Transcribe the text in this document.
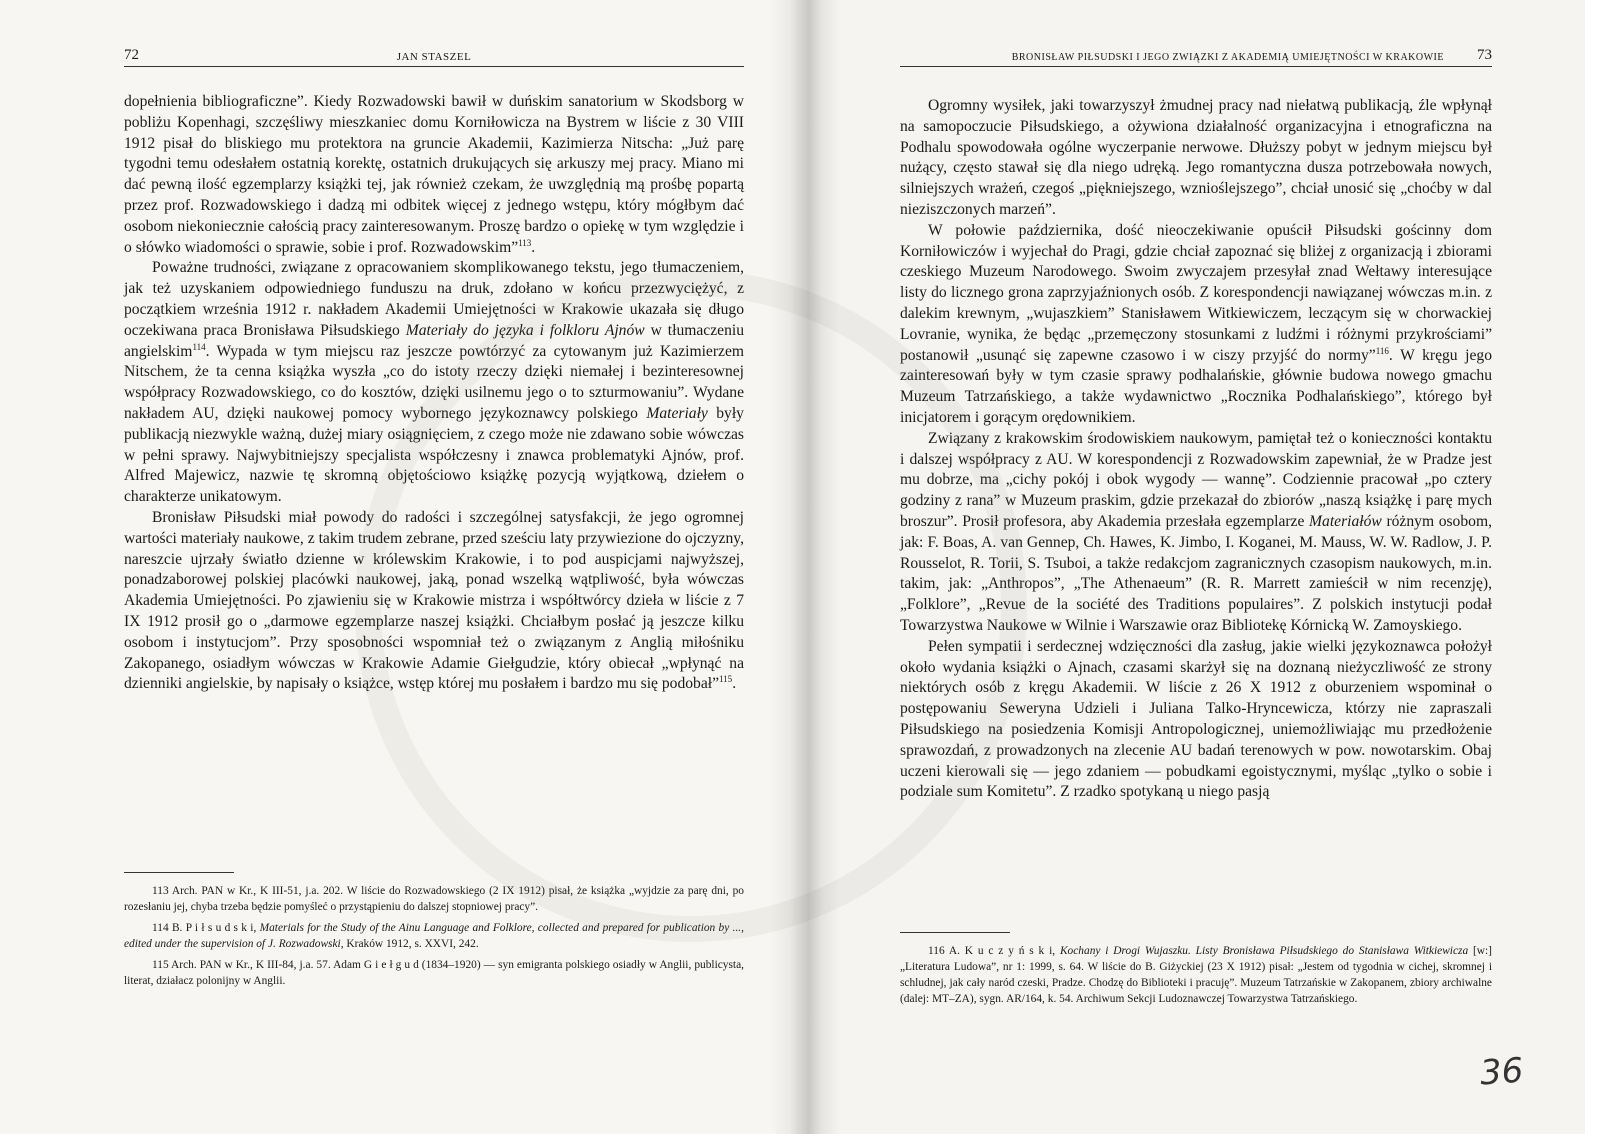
72	JAN STASZEL

dopełnienia bibliograficzne”. Kiedy Rozwadowski bawił w duńskim sanatorium w Skodsborg w pobliżu Kopenhagi, szczęśliwy mieszkaniec domu Korniłowicza na Bystrem w liście z 30 VIII 1912 pisał do bliskiego mu protektora na gruncie Akademii, Kazimierza Nitscha: „Już parę tygodni temu odesłałem ostatnią korektę, ostatnich drukujących się arkuszy mej pracy. Miano mi dać pewną ilość egzemplarzy książki tej, jak również czekam, że uwzględnią mą prośbę popartą przez prof. Rozwadowskiego i dadzą mi odbitek więcej z jednego wstępu, który mógłbym dać osobom niekoniecznie całością pracy zainteresowanym. Proszę bardzo o opiekę w tym względzie i o słówko wiadomości o sprawie, sobie i prof. Rozwadowskim”$^{113}$.

Poważne trudności, związane z opracowaniem skomplikowanego tekstu, jego tłumaczeniem, jak też uzyskaniem odpowiedniego funduszu na druk, zdołano w końcu przezwyciężyć, z początkiem września 1912 r. nakładem Akademii Umiejętności w Krakowie ukazała się długo oczekiwana praca Bronisława Piłsudskiego Materiały do języka i folkloru Ajnów w tłumaczeniu angielskim$^{114}$. Wypada w tym miejscu raz jeszcze powtórzyć za cytowanym już Kazimierzem Nitschem, że ta cenna książka wyszła „co do istoty rzeczy dzięki niemałej i bezinteresownej współpracy Rozwadowskiego, co do kosztów, dzięki usilnemu jego o to szturmowaniu”. Wydane nakładem AU, dzięki naukowej pomocy wybornego językoznawcy polskiego Materiały były publikacją niezwykle ważną, dużej miary osiągnięciem, z czego może nie zdawano sobie wówczas w pełni sprawy. Najwybitniejszy specjalista współczesny i znawca problematyki Ajnów, prof. Alfred Majewicz, nazwie tę skromną objętościowo książkę pozycją wyjątkową, dziełem o charakterze unikatowym.

Bronisław Piłsudski miał powody do radości i szczególnej satysfakcji, że jego ogromnej wartości materiały naukowe, z takim trudem zebrane, przed sześciu laty przywiezione do ojczyzny, nareszcie ujrzały światło dzienne w królewskim Krakowie, i to pod auspicjami najwyższej, ponadzaborowej polskiej placówki naukowej, jaką, ponad wszelką wątpliwość, była wówczas Akademia Umiejętności. Po zjawieniu się w Krakowie mistrza i współtwórcy dzieła w liście z 7 IX 1912 prosił go o „darmowe egzemplarze naszej książki. Chciałbym posłać ją jeszcze kilku osobom i instytucjom”. Przy sposobności wspomniał też o związanym z Anglią miłośniku Zakopanego, osiadłym wówczas w Krakowie Adamie Giełgudzie, który obiecał „wpłynąć na dzienniki angielskie, by napisały o książce, wstęp której mu posłałem i bardzo mu się podobał”$^{115}$.

113 Arch. PAN w Kr., K III-51, j.a. 202. W liście do Rozwadowskiego (2 IX 1912) pisał, że książka „wyjdzie za parę dni, po rozesłaniu jej, chyba trzeba będzie pomyśleć o przystąpieniu do dalszej stopniowej pracy”.

114 B. P i ł s u d s k i, Materials for the Study of the Ainu Language and Folklore, collected and prepared for publication by ..., edited under the supervision of J. Rozwadowski, Kraków 1912, s. XXVI, 242.

115 Arch. PAN w Kr., K III-84, j.a. 57. Adam G i e ł g u d (1834–1920) — syn emigranta polskiego osiadły w Anglii, publicysta, literat, działacz polonijny w Anglii.

BRONISŁAW PIŁSUDSKI I JEGO ZWIĄZKI Z AKADEMIĄ UMIEJĘTNOŚCI W KRAKOWIE 73

Ogromny wysiłek, jaki towarzyszył żmudnej pracy nad niełatwą publikacją, źle wpłynął na samopoczucie Piłsudskiego, a ożywiona działalność organizacyjna i etnograficzna na Podhalu spowodowała ogólne wyczerpanie nerwowe. Dłuższy pobyt w jednym miejscu był nużący, często stawał się dla niego udręką. Jego romantyczna dusza potrzebowała nowych, silniejszych wrażeń, czegoś „piękniejszego, wznioślejszego”, chciał unosić się „choćby w dal nieziszczonych marzeń”.

W połowie października, dość nieoczekiwanie opuścił Piłsudski gościnny dom Korniłowiczów i wyjechał do Pragi, gdzie chciał zapoznać się bliżej z organizacją i zbiorami czeskiego Muzeum Narodowego. Swoim zwyczajem przesyłał znad Wełtawy interesujące listy do licznego grona zaprzyjaźnionych osób. Z korespondencji nawiązanej wówczas m.in. z dalekim krewnym, „wujaszkiem” Stanisławem Witkiewiczem, leczącym się w chorwackiej Lovranie, wynika, że będąc „przemęczony stosunkami z ludźmi i różnymi przykrościami” postanowił „usunąć się zapewne czasowo i w ciszy przyjść do normy”$^{116}$. W kręgu jego zainteresowań były w tym czasie sprawy podhalańskie, głównie budowa nowego gmachu Muzeum Tatrzańskiego, a także wydawnictwo „Rocznika Podhalańskiego”, którego był inicjatorem i gorącym orędownikiem.

Związany z krakowskim środowiskiem naukowym, pamiętał też o konieczności kontaktu i dalszej współpracy z AU. W korespondencji z Rozwadowskim zapewniał, że w Pradze jest mu dobrze, ma „cichy pokój i obok wygody — wannę”. Codziennie pracował „po cztery godziny z rana” w Muzeum praskim, gdzie przekazał do zbiorów „naszą książkę i parę mych broszur”. Prosił profesora, aby Akademia przesłała egzemplarze Materiałów różnym osobom, jak: F. Boas, A. van Gennep, Ch. Hawes, K. Jimbo, I. Koganei, M. Mauss, W. W. Radlow, J. P. Rousselot, R. Torii, S. Tsuboi, a także redakcjom zagranicznych czasopism naukowych, m.in. takim, jak: „Anthropos”, „The Athenaeum” (R. R. Marrett zamieścił w nim recenzję), „Folklore”, „Revue de la société des Traditions populaires”. Z polskich instytucji podał Towarzystwa Naukowe w Wilnie i Warszawie oraz Bibliotekę Kórnicką W. Zamoyskiego.

Pełen sympatii i serdecznej wdzięczności dla zasług, jakie wielki językoznawca położył około wydania książki o Ajnach, czasami skarżył się na doznaną nieżyczliwość ze strony niektórych osób z kręgu Akademii. W liście z 26 X 1912 z oburzeniem wspominał o postępowaniu Seweryna Udzieli i Juliana Talko-Hryncewicza, którzy nie zapraszali Piłsudskiego na posiedzenia Komisji Antropologicznej, uniemożliwiając mu przedłożenie sprawozdań, z prowadzonych na zlecenie AU badań terenowych w pow. nowotarskim. Obaj uczeni kierowali się — jego zdaniem — pobudkami egoistycznymi, myśląc „tylko o sobie i podziale sum Komitetu”. Z rzadko spotykaną u niego pasją

116 A. K u c z y ń s k i, Kochany i Drogi Wujaszku. Listy Bronisława Piłsudskiego do Stanisława Witkiewicza [w:] „Literatura Ludowa”, nr 1: 1999, s. 64. W liście do B. Giżyckiej (23 X 1912) pisał: „Jestem od tygodnia w cichej, skromnej i schludnej, jak cały naród czeski, Pradze. Chodzę do Biblioteki i pracuję”. Muzeum Tatrzańskie w Zakopanem, zbiory archiwalne (dalej: MT–ZA), sygn. AR/164, k. 54. Archiwum Sekcji Ludoznawczej Towarzystwa Tatrzańskiego.

36
